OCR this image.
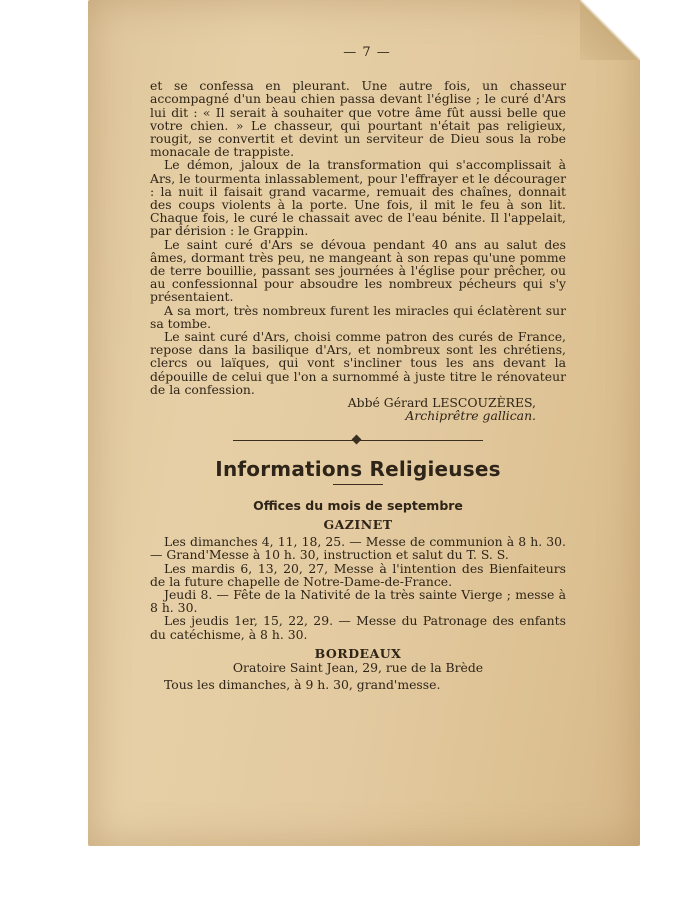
— 7 —

et se confessa en pleurant. Une autre fois, un chasseur accompagné d'un beau chien passa devant l'église ; le curé d'Ars lui dit : « Il serait à souhaiter que votre âme fût aussi belle que votre chien. » Le chasseur, qui pourtant n'était pas religieux, rougit, se convertit et devint un serviteur de Dieu sous la robe monacale de trappiste.

Le démon, jaloux de la transformation qui s'accomplissait à Ars, le tourmenta inlassablement, pour l'effrayer et le décourager : la nuit il faisait grand vacarme, remuait des chaînes, donnait des coups violents à la porte. Une fois, il mit le feu à son lit. Chaque fois, le curé le chassait avec de l'eau bénite. Il l'appelait, par dérision : le Grappin.

Le saint curé d'Ars se dévoua pendant 40 ans au salut des âmes, dormant très peu, ne mangeant à son repas qu'une pomme de terre bouillie, passant ses journées à l'église pour prêcher, ou au confessionnal pour absoudre les nombreux pécheurs qui s'y présentaient.

A sa mort, très nombreux furent les miracles qui éclatèrent sur sa tombe.

Le saint curé d'Ars, choisi comme patron des curés de France, repose dans la basilique d'Ars, et nombreux sont les chrétiens, clercs ou laïques, qui vont s'incliner tous les ans devant la dépouille de celui que l'on a surnommé à juste titre le rénovateur de la confession.

Abbé Gérard LESCOUZÈRES,
Archiprêtre gallican.
Informations Religieuses
Offices du mois de septembre
GAZINET

Les dimanches 4, 11, 18, 25. — Messe de communion à 8 h. 30. — Grand'Messe à 10 h. 30, instruction et salut du T. S. S.

Les mardis 6, 13, 20, 27, Messe à l'intention des Bienfaiteurs de la future chapelle de Notre-Dame-de-France.

Jeudi 8. — Fête de la Nativité de la très sainte Vierge ; messe à 8 h. 30.

Les jeudis 1er, 15, 22, 29. — Messe du Patronage des enfants du catéchisme, à 8 h. 30.

BORDEAUX

Oratoire Saint Jean, 29, rue de la Brède

Tous les dimanches, à 9 h. 30, grand'messe.
